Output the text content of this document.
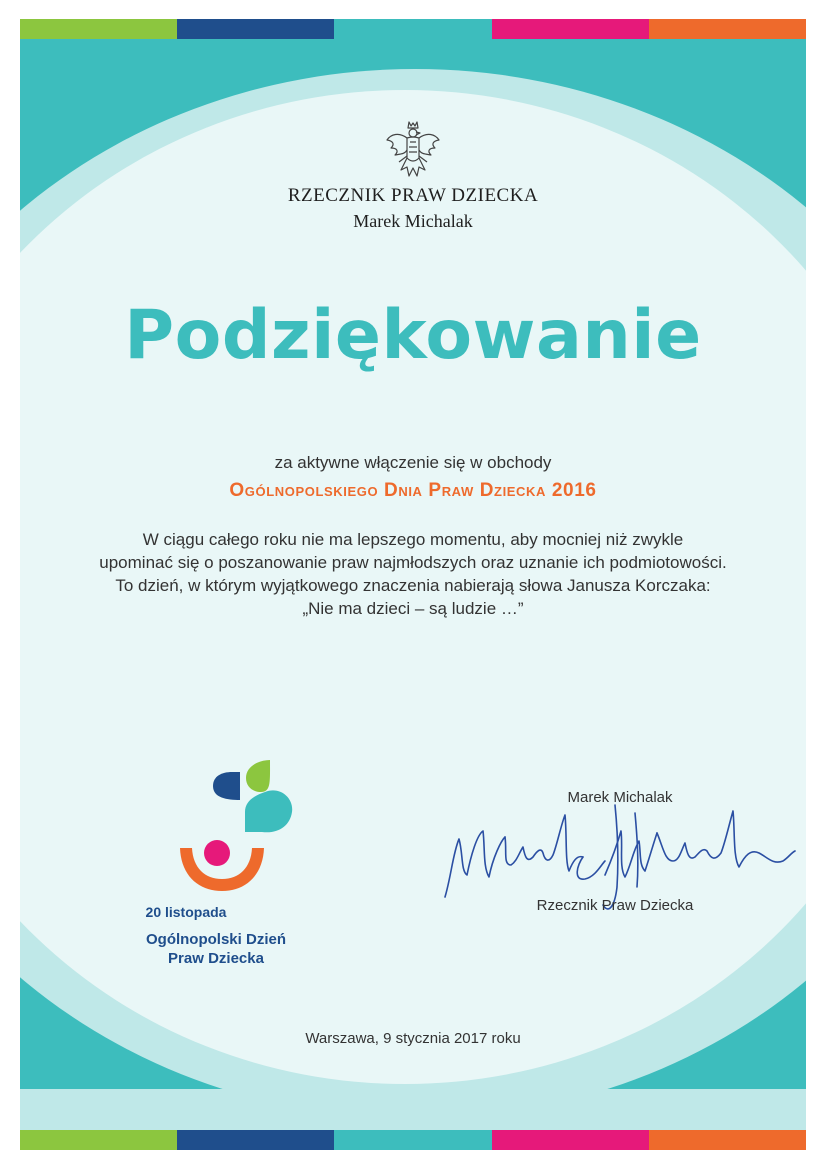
RZECZNIK PRAW DZIECKA
Marek Michalak
Podziękowanie
za aktywne włączenie się w obchody
Ogólnopolskiego Dnia Praw Dziecka 2016
W ciągu całego roku nie ma lepszego momentu, aby mocniej niż zwykle
upominać się o poszanowanie praw najmłodszych oraz uznanie ich podmiotowości.
To dzień, w którym wyjątkowego znaczenia nabierają słowa Janusza Korczaka:
„Nie ma dzieci – są ludzie …”
20 listopada
Ogólnopolski Dzień
Praw Dziecka
Marek Michalak
Rzecznik Praw Dziecka
Warszawa, 9 stycznia 2017 roku
